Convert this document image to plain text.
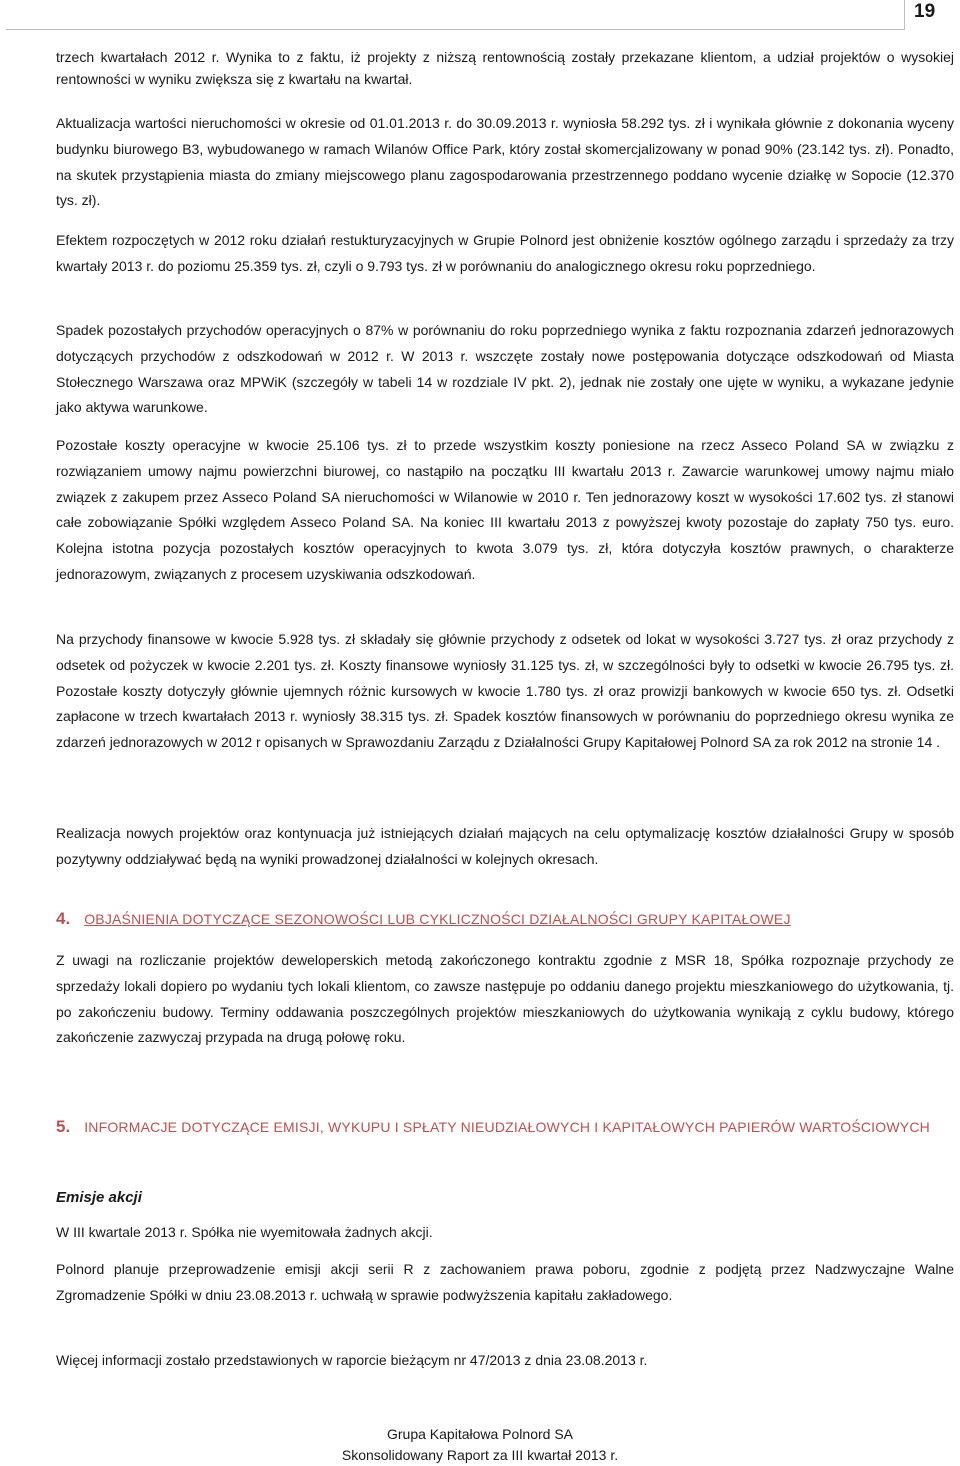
19

trzech kwartałach 2012 r. Wynika to z faktu, iż projekty z niższą rentownością zostały przekazane klientom, a udział projektów o wysokiej rentowności w wyniku zwiększa się z kwartału na kwartał.

Aktualizacja wartości nieruchomości w okresie od 01.01.2013 r. do 30.09.2013 r. wyniosła 58.292 tys. zł i wynikała głównie z dokonania wyceny budynku biurowego B3, wybudowanego w ramach Wilanów Office Park, który został skomercjalizowany w ponad 90% (23.142 tys. zł). Ponadto, na skutek przystąpienia miasta do zmiany miejscowego planu zagospodarowania przestrzennego poddano wycenie działkę w Sopocie (12.370 tys. zł).

Efektem rozpoczętych w 2012 roku działań restukturyzacyjnych w Grupie Polnord jest obniżenie kosztów ogólnego zarządu i sprzedaży za trzy kwartały 2013 r. do poziomu 25.359 tys. zł, czyli o 9.793 tys. zł w porównaniu do analogicznego okresu roku poprzedniego.

Spadek pozostałych przychodów operacyjnych o 87% w porównaniu do roku poprzedniego wynika z faktu rozpoznania zdarzeń jednorazowych dotyczących przychodów z odszkodowań w 2012 r. W 2013 r. wszczęte zostały nowe postępowania dotyczące odszkodowań od Miasta Stołecznego Warszawa oraz MPWiK (szczegóły w tabeli 14 w rozdziale IV pkt. 2), jednak nie zostały one ujęte w wyniku, a wykazane jedynie jako aktywa warunkowe.

Pozostałe koszty operacyjne w kwocie 25.106 tys. zł to przede wszystkim koszty poniesione na rzecz Asseco Poland SA w związku z rozwiązaniem umowy najmu powierzchni biurowej, co nastąpiło na początku III kwartału 2013 r. Zawarcie warunkowej umowy najmu miało związek z zakupem przez Asseco Poland SA nieruchomości w Wilanowie w 2010 r. Ten jednorazowy koszt w wysokości 17.602 tys. zł stanowi całe zobowiązanie Spółki względem Asseco Poland SA. Na koniec III kwartału 2013 z powyższej kwoty pozostaje do zapłaty 750 tys. euro. Kolejna istotna pozycja pozostałych kosztów operacyjnych to kwota 3.079 tys. zł, która dotyczyła kosztów prawnych, o charakterze jednorazowym, związanych z procesem uzyskiwania odszkodowań.

Na przychody finansowe w kwocie 5.928 tys. zł składały się głównie przychody z odsetek od lokat w wysokości 3.727 tys. zł oraz przychody z odsetek od pożyczek w kwocie 2.201 tys. zł. Koszty finansowe wyniosły 31.125 tys. zł, w szczególności były to odsetki w kwocie 26.795 tys. zł. Pozostałe koszty dotyczyły głównie ujemnych różnic kursowych w kwocie 1.780 tys. zł oraz prowizji bankowych w kwocie 650 tys. zł. Odsetki zapłacone w trzech kwartałach 2013 r. wyniosły 38.315 tys. zł. Spadek kosztów finansowych w porównaniu do poprzedniego okresu wynika ze zdarzeń jednorazowych w 2012 r opisanych w Sprawozdaniu Zarządu z Działalności Grupy Kapitałowej Polnord SA za rok 2012 na stronie 14 .

Realizacja nowych projektów oraz kontynuacja już istniejących działań mających na celu optymalizację kosztów działalności Grupy w sposób pozytywny oddziaływać będą na wyniki prowadzonej działalności w kolejnych okresach.

4. OBJAŚNIENIA DOTYCZĄCE SEZONOWOŚCI LUB CYKLICZNOŚCI DZIAŁALNOŚCI GRUPY KAPITAŁOWEJ

Z uwagi na rozliczanie projektów deweloperskich metodą zakończonego kontraktu zgodnie z MSR 18, Spółka rozpoznaje przychody ze sprzedaży lokali dopiero po wydaniu tych lokali klientom, co zawsze następuje po oddaniu danego projektu mieszkaniowego do użytkowania, tj. po zakończeniu budowy. Terminy oddawania poszczególnych projektów mieszkaniowych do użytkowania wynikają z cyklu budowy, którego zakończenie zazwyczaj przypada na drugą połowę roku.

5. INFORMACJE DOTYCZĄCE EMISJI, WYKUPU I SPŁATY NIEUDZIAŁOWYCH I KAPITAŁOWYCH PAPIERÓW WARTOŚCIOWYCH
Emisje akcji

W III kwartale 2013 r. Spółka nie wyemitowała żadnych akcji.

Polnord planuje przeprowadzenie emisji akcji serii R z zachowaniem prawa poboru, zgodnie z podjętą przez Nadzwyczajne Walne Zgromadzenie Spółki w dniu 23.08.2013 r. uchwałą w sprawie podwyższenia kapitału zakładowego.

Więcej informacji zostało przedstawionych w raporcie bieżącym nr 47/2013 z dnia 23.08.2013 r.

Grupa Kapitałowa Polnord SA
Skonsolidowany Raport za III kwartał 2013 r.
